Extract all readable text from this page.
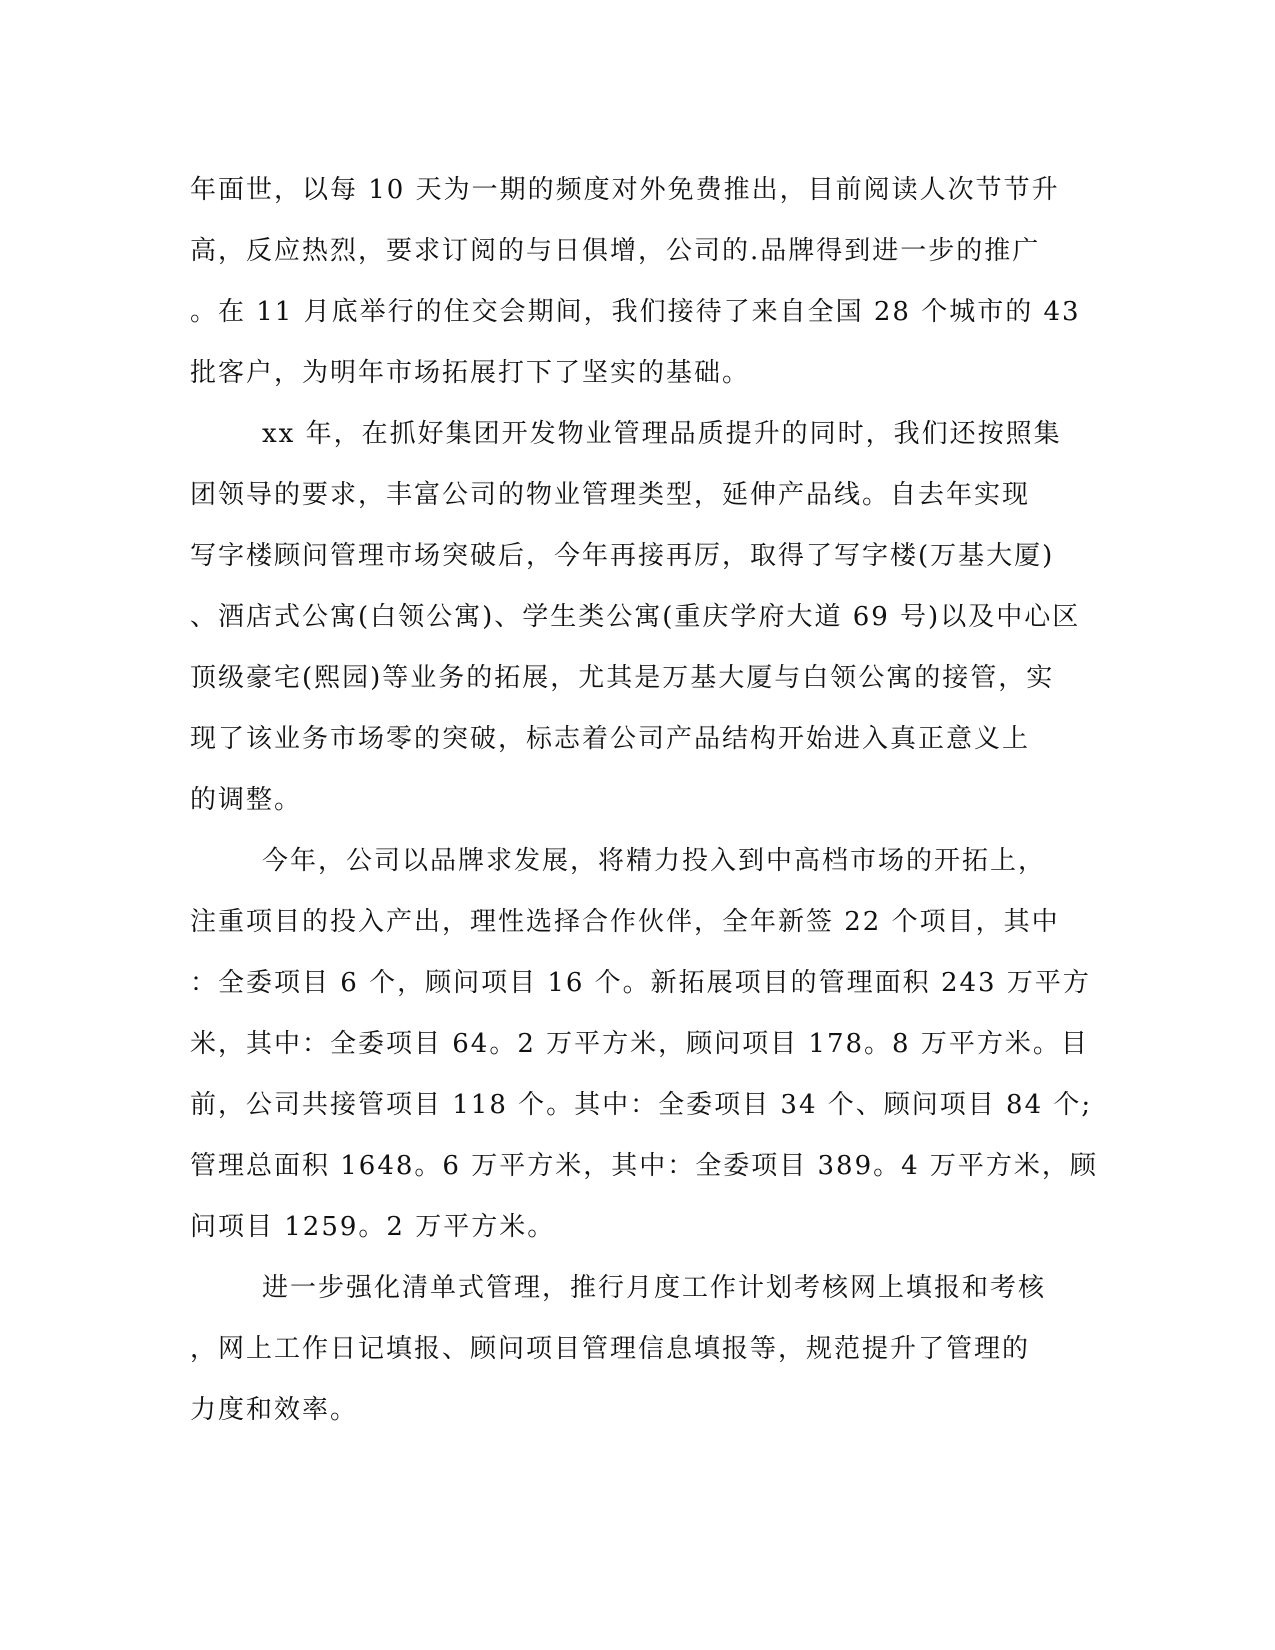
年面世，以每 10 天为一期的频度对外免费推出，目前阅读人次节节升
高，反应热烈，要求订阅的与日俱增，公司的.品牌得到进一步的推广
。在 11 月底举行的住交会期间，我们接待了来自全国 28 个城市的 43
批客户，为明年市场拓展打下了坚实的基础。
xx 年，在抓好集团开发物业管理品质提升的同时，我们还按照集
团领导的要求，丰富公司的物业管理类型，延伸产品线。自去年实现
写字楼顾问管理市场突破后，今年再接再厉，取得了写字楼(万基大厦)
、酒店式公寓(白领公寓)、学生类公寓(重庆学府大道 69 号)以及中心区
顶级豪宅(熙园)等业务的拓展，尤其是万基大厦与白领公寓的接管，实
现了该业务市场零的突破，标志着公司产品结构开始进入真正意义上
的调整。
今年，公司以品牌求发展，将精力投入到中高档市场的开拓上，
注重项目的投入产出，理性选择合作伙伴，全年新签 22 个项目，其中
：全委项目 6 个，顾问项目 16 个。新拓展项目的管理面积 243 万平方
米，其中：全委项目 64。2 万平方米，顾问项目 178。8 万平方米。目
前，公司共接管项目 118 个。其中：全委项目 34 个、顾问项目 84 个;
管理总面积 1648。6 万平方米，其中：全委项目 389。4 万平方米，顾
问项目 1259。2 万平方米。
进一步强化清单式管理，推行月度工作计划考核网上填报和考核
，网上工作日记填报、顾问项目管理信息填报等，规范提升了管理的
力度和效率。
